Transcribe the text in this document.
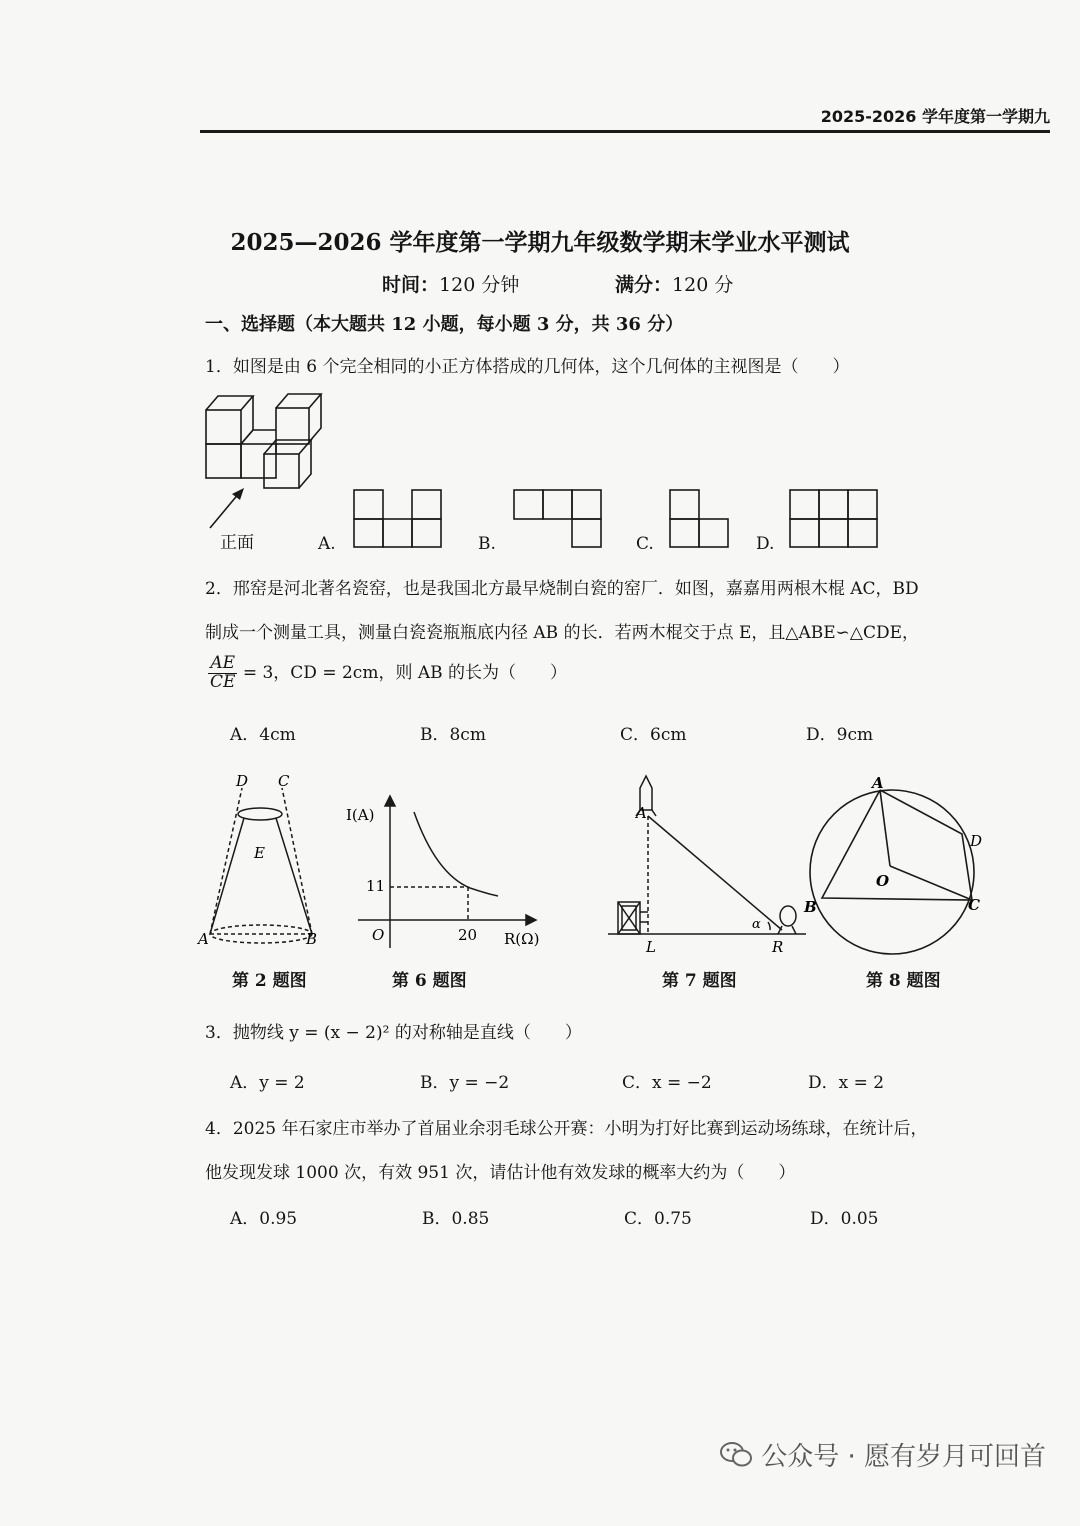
2025-2026 学年度第一学期九
2025—2026 学年度第一学期九年级数学期末学业水平测试
时间：120 分钟	满分：120 分
一、选择题（本大题共 12 小题，每小题 3 分，共 36 分）
1．如图是由 6 个完全相同的小正方体搭成的几何体，这个几何体的主视图是（　　）
正面	A.	B.	C.	D.
2．邢窑是河北著名瓷窑，也是我国北方最早烧制白瓷的窑厂．如图，嘉嘉用两根木棍 AC，BD
制成一个测量工具，测量白瓷瓷瓶瓶底内径 AB 的长．若两木棍交于点 E，且△ABE∽△CDE，
$\frac{AE}{CE} = 3$，CD = 2cm，则 AB 的长为（　　）
A．4cm	B．8cm	C．6cm	D．9cm
D C
E
A	B
第 2 题图
I(A)
11
O	20 R(Ω)
第 6 题图
A
L	R
α
第 7 题图
A
D
O
B	C
第 8 题图
3．抛物线 y = (x − 2)² 的对称轴是直线（　　）
A．y = 2	B．y = −2	C．x = −2	D．x = 2
4．2025 年石家庄市举办了首届业余羽毛球公开赛：小明为打好比赛到运动场练球，在统计后，
他发现发球 1000 次，有效 951 次，请估计他有效发球的概率大约为（　　）
A．0.95	B．0.85	C．0.75	D．0.05
公众号 · 愿有岁月可回首
